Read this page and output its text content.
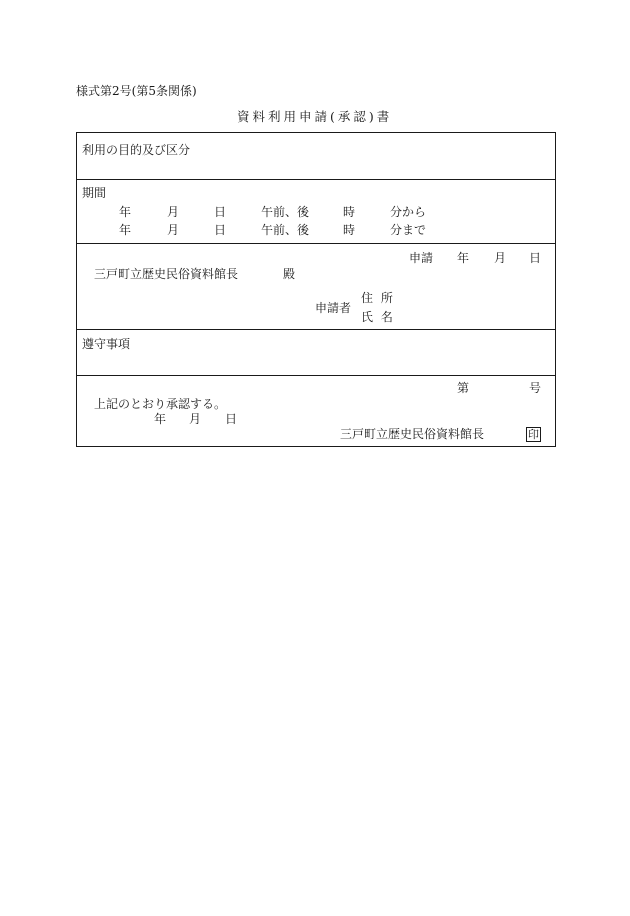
様式第2号(第5条関係)
資料利用申請(承認)書
利用の目的及び区分
期間
年	月	日	午前、後	時	分から
年	月	日	午前、後	時	分まで
申請 年 月 日
三戸町立歴史民俗資料館長	殿
申請者
住 所
氏 名
遵守事項
第	号
上記のとおり承認する。
年 月 日
三戸町立歴史民俗資料館長	印
